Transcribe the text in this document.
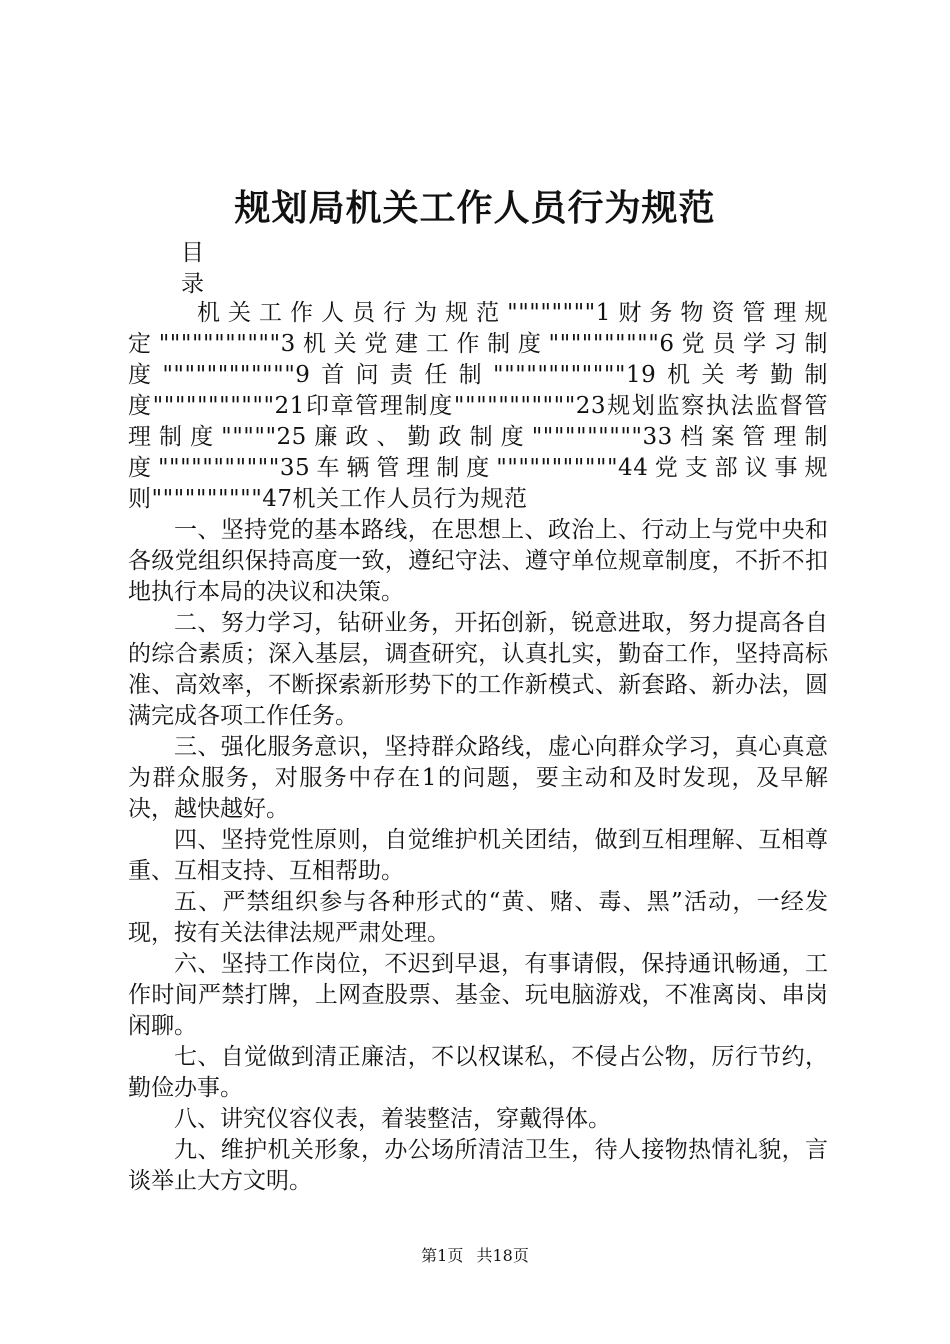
规划局机关工作人员行为规范
目
录

机关工作人员行为规范""""""""1财务物资管理规定"""""""""""3机关党建工作制度""""""""""6党员学习制度""""""""""""9首问责任制""""""""""""19机关考勤制度"""""""""""21印章管理制度"""""""""""23规划监察执法监督管理制度"""""25廉政、勤政制度""""""""""33档案管理制度"""""""""""35车辆管理制度"""""""""""44党支部议事规则""""""""""47机关工作人员行为规范

一、坚持党的基本路线，在思想上、政治上、行动上与党中央和各级党组织保持高度一致，遵纪守法、遵守单位规章制度，不折不扣地执行本局的决议和决策。

二、努力学习，钻研业务，开拓创新，锐意进取，努力提高各自的综合素质；深入基层，调查研究，认真扎实，勤奋工作，坚持高标准、高效率，不断探索新形势下的工作新模式、新套路、新办法，圆满完成各项工作任务。

三、强化服务意识，坚持群众路线，虚心向群众学习，真心真意为群众服务，对服务中存在1的问题，要主动和及时发现，及早解决，越快越好。

四、坚持党性原则，自觉维护机关团结，做到互相理解、互相尊重、互相支持、互相帮助。

五、严禁组织参与各种形式的“黄、赌、毒、黑”活动，一经发现，按有关法律法规严肃处理。

六、坚持工作岗位，不迟到早退，有事请假，保持通讯畅通，工作时间严禁打牌，上网查股票、基金、玩电脑游戏，不准离岗、串岗闲聊。

七、自觉做到清正廉洁，不以权谋私，不侵占公物，厉行节约，勤俭办事。

八、讲究仪容仪表，着装整洁，穿戴得体。

九、维护机关形象，办公场所清洁卫生，待人接物热情礼貌，言谈举止大方文明。

第1页 共18页
